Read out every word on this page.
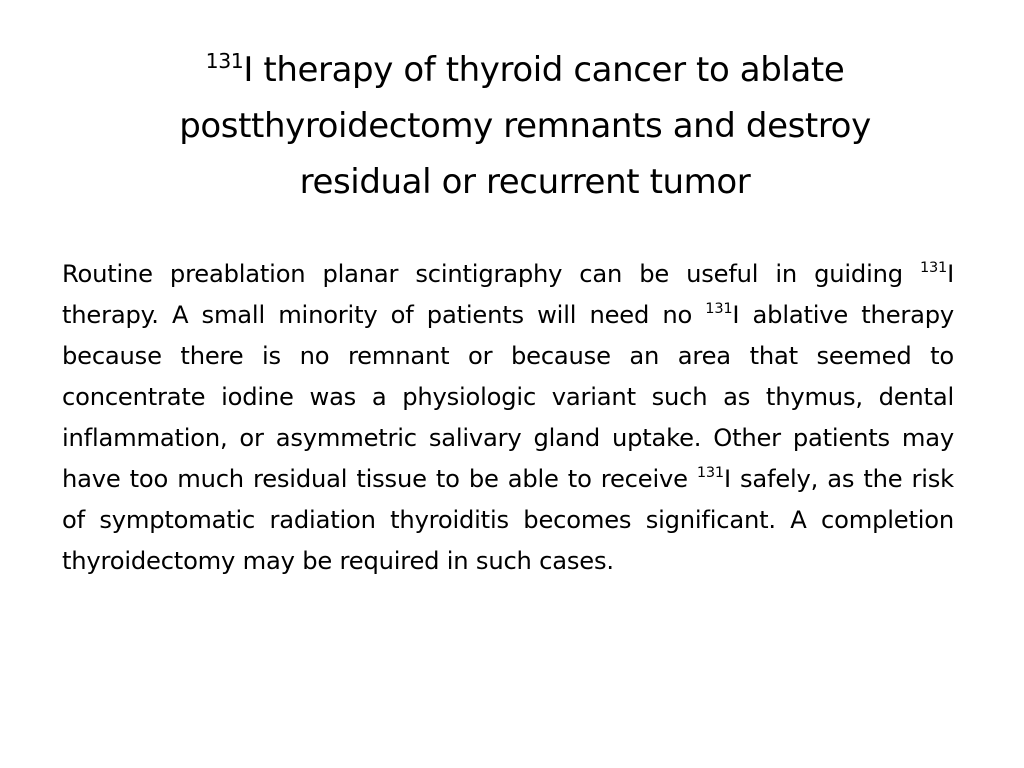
$^{131}$I therapy of thyroid cancer to ablate postthyroidectomy remnants and destroy residual or recurrent tumor
Routine preablation planar scintigraphy can be useful in guiding $^{131}$I therapy. A small minority of patients will need no $^{131}$I ablative therapy because there is no remnant or because an area that seemed to concentrate iodine was a physiologic variant such as thymus, dental inflammation, or asymmetric salivary gland uptake. Other patients may have too much residual tissue to be able to receive $^{131}$I safely, as the risk of symptomatic radiation thyroiditis becomes significant. A completion thyroidectomy may be required in such cases.
